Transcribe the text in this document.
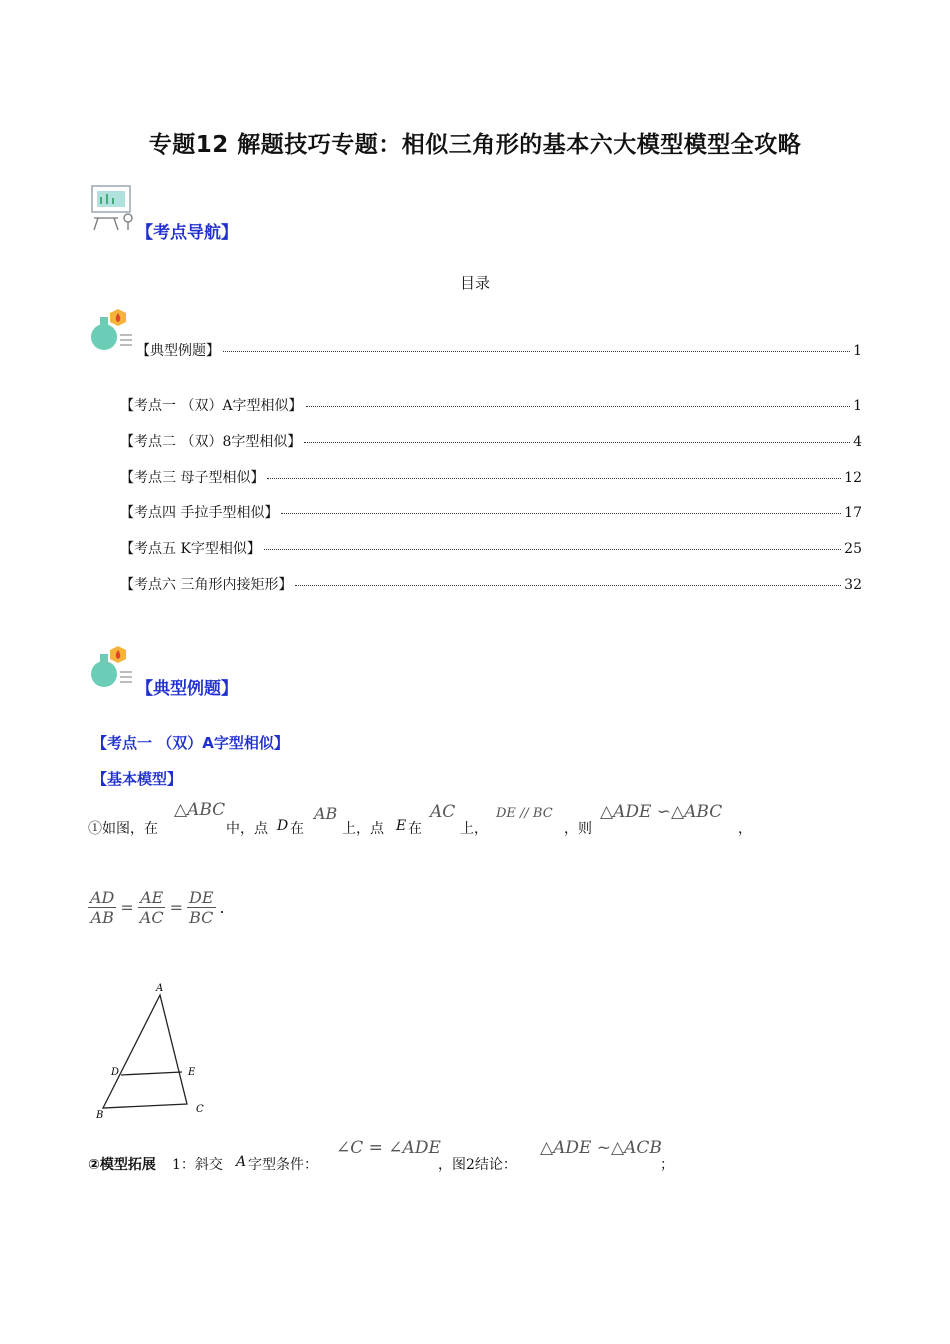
专题12 解题技巧专题：相似三角形的基本六大模型模型全攻略
【考点导航】
目录
【典型例题】	1
【考点一 （双）A字型相似】	1
【考点二 （双）8字型相似】	4
【考点三 母子型相似】	12
【考点四 手拉手型相似】	17
【考点五 K字型相似】	25
【考点六 三角形内接矩形】	32
【典型例题】
【考点一 （双）A字型相似】
【基本模型】
①如图，在
△ABC
中，点 D 在
AB
上，点 E 在
AC
上，
DE // BC
，则
△ADE ∽△ABC
，
$\frac{AD}{AB} = \frac{AE}{AC} = \frac{DE}{BC}$ .
A
B
C
D	E
②模型拓展 1：斜交 A 字型条件：
∠C = ∠ADE
，图2结论：
△ADE ~△ACB
；
